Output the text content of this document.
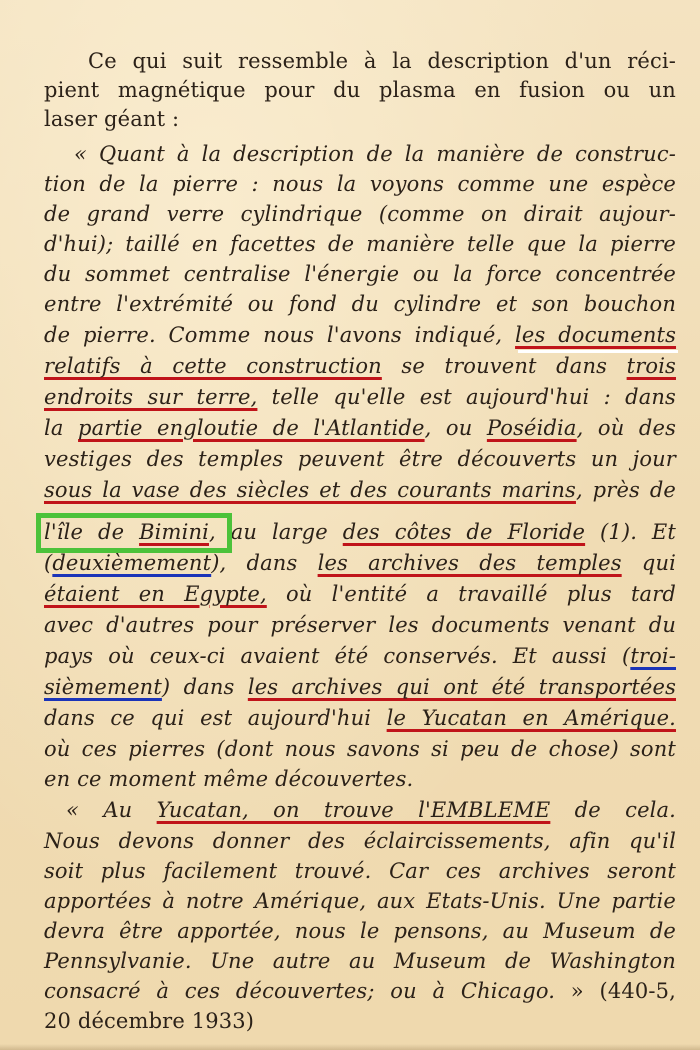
Ce qui suit ressemble à la description d'un réci-
pient magnétique pour du plasma en fusion ou un
laser géant :
« Quant à la description de la manière de construc-
tion de la pierre : nous la voyons comme une espèce
de grand verre cylindrique (comme on dirait aujour-
d'hui); taillé en facettes de manière telle que la pierre
du sommet centralise l'énergie ou la force concentrée
entre l'extrémité ou fond du cylindre et son bouchon
de pierre. Comme nous l'avons indiqué, les documents
relatifs à cette construction se trouvent dans trois
endroits sur terre, telle qu'elle est aujourd'hui : dans
la partie engloutie de l'Atlantide, ou Poséidia, où des
vestiges des temples peuvent être découverts un jour
sous la vase des siècles et des courants marins, près de
l'île de Bimini, au large des côtes de Floride (1). Et
(deuxièmement), dans les archives des temples qui
étaient en Egypte, où l'entité a travaillé plus tard
avec d'autres pour préserver les documents venant du
pays où ceux-ci avaient été conservés. Et aussi (troi-
sièmement) dans les archives qui ont été transportées
dans ce qui est aujourd'hui le Yucatan en Amérique.
où ces pierres (dont nous savons si peu de chose) sont
en ce moment même découvertes.
« Au Yucatan, on trouve l'EMBLEME de cela.
Nous devons donner des éclaircissements, afin qu'il
soit plus facilement trouvé. Car ces archives seront
apportées à notre Amérique, aux Etats-Unis. Une partie
devra être apportée, nous le pensons, au Museum de
Pennsylvanie. Une autre au Museum de Washington
consacré à ces découvertes; ou à Chicago. » (440-5,
20 décembre 1933)
